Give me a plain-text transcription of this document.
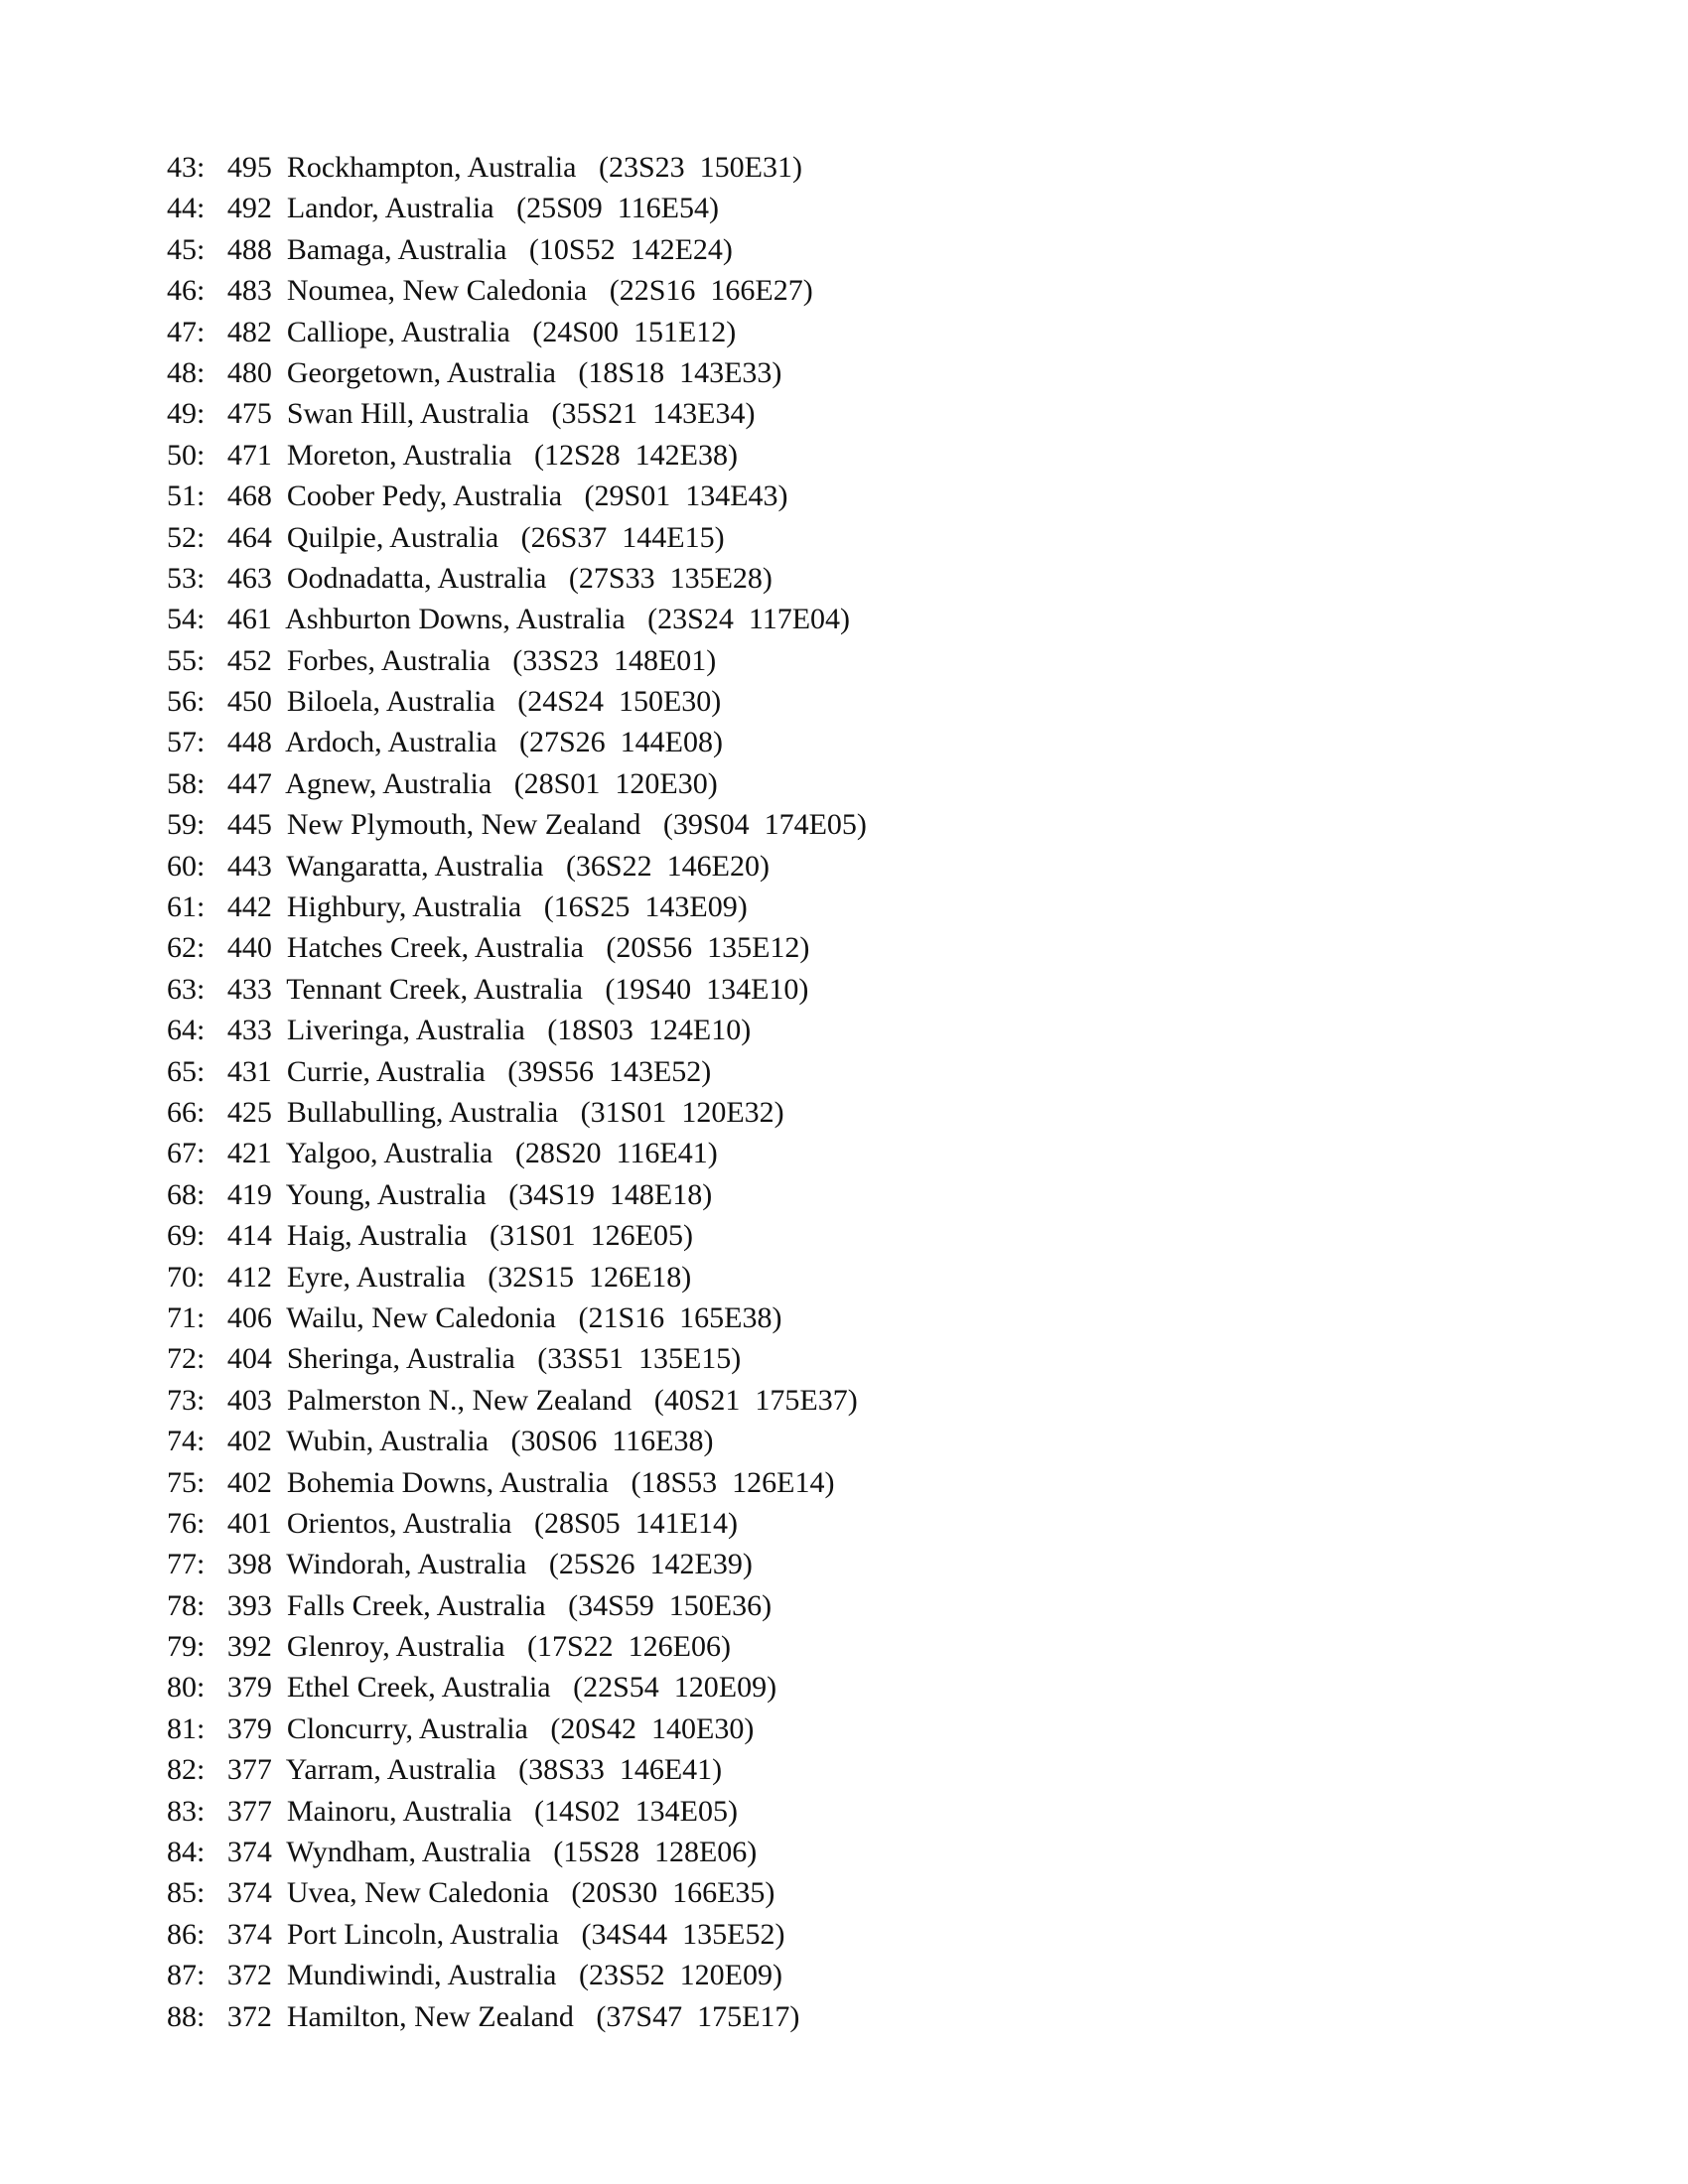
43:   495  Rockhampton, Australia   (23S23  150E31)
44:   492  Landor, Australia   (25S09  116E54)
45:   488  Bamaga, Australia   (10S52  142E24)
46:   483  Noumea, New Caledonia   (22S16  166E27)
47:   482  Calliope, Australia   (24S00  151E12)
48:   480  Georgetown, Australia   (18S18  143E33)
49:   475  Swan Hill, Australia   (35S21  143E34)
50:   471  Moreton, Australia   (12S28  142E38)
51:   468  Coober Pedy, Australia   (29S01  134E43)
52:   464  Quilpie, Australia   (26S37  144E15)
53:   463  Oodnadatta, Australia   (27S33  135E28)
54:   461  Ashburton Downs, Australia   (23S24  117E04)
55:   452  Forbes, Australia   (33S23  148E01)
56:   450  Biloela, Australia   (24S24  150E30)
57:   448  Ardoch, Australia   (27S26  144E08)
58:   447  Agnew, Australia   (28S01  120E30)
59:   445  New Plymouth, New Zealand   (39S04  174E05)
60:   443  Wangaratta, Australia   (36S22  146E20)
61:   442  Highbury, Australia   (16S25  143E09)
62:   440  Hatches Creek, Australia   (20S56  135E12)
63:   433  Tennant Creek, Australia   (19S40  134E10)
64:   433  Liveringa, Australia   (18S03  124E10)
65:   431  Currie, Australia   (39S56  143E52)
66:   425  Bullabulling, Australia   (31S01  120E32)
67:   421  Yalgoo, Australia   (28S20  116E41)
68:   419  Young, Australia   (34S19  148E18)
69:   414  Haig, Australia   (31S01  126E05)
70:   412  Eyre, Australia   (32S15  126E18)
71:   406  Wailu, New Caledonia   (21S16  165E38)
72:   404  Sheringa, Australia   (33S51  135E15)
73:   403  Palmerston N., New Zealand   (40S21  175E37)
74:   402  Wubin, Australia   (30S06  116E38)
75:   402  Bohemia Downs, Australia   (18S53  126E14)
76:   401  Orientos, Australia   (28S05  141E14)
77:   398  Windorah, Australia   (25S26  142E39)
78:   393  Falls Creek, Australia   (34S59  150E36)
79:   392  Glenroy, Australia   (17S22  126E06)
80:   379  Ethel Creek, Australia   (22S54  120E09)
81:   379  Cloncurry, Australia   (20S42  140E30)
82:   377  Yarram, Australia   (38S33  146E41)
83:   377  Mainoru, Australia   (14S02  134E05)
84:   374  Wyndham, Australia   (15S28  128E06)
85:   374  Uvea, New Caledonia   (20S30  166E35)
86:   374  Port Lincoln, Australia   (34S44  135E52)
87:   372  Mundiwindi, Australia   (23S52  120E09)
88:   372  Hamilton, New Zealand   (37S47  175E17)
